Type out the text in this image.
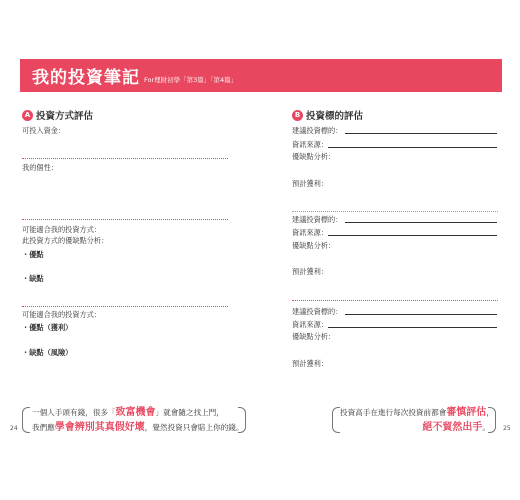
我的投資筆記 For理財初學「第3篇」「第4篇」
A 投資方式評估
可投入資金：
我的個性：
可能適合我的投資方式：
此投資方式的優缺點分析：
・優點
・缺點
可能適合我的投資方式：
・優點（獲利）
・缺點（風險）
B 投資標的評估
建議投資標的：
資訊來源：
優缺點分析：
預計獲利：
建議投資標的：
資訊來源：
優缺點分析：
預計獲利：
建議投資標的：
資訊來源：
優缺點分析：
預計獲利：
一個人手頭有錢，很多「致富機會」就會隨之找上門，
我們應學會辨別其真假好壞，覺然投資只會賠上你的錢。
24
投資高手在進行每次投資前都會審慎評估，
絕不貿然出手。 25
